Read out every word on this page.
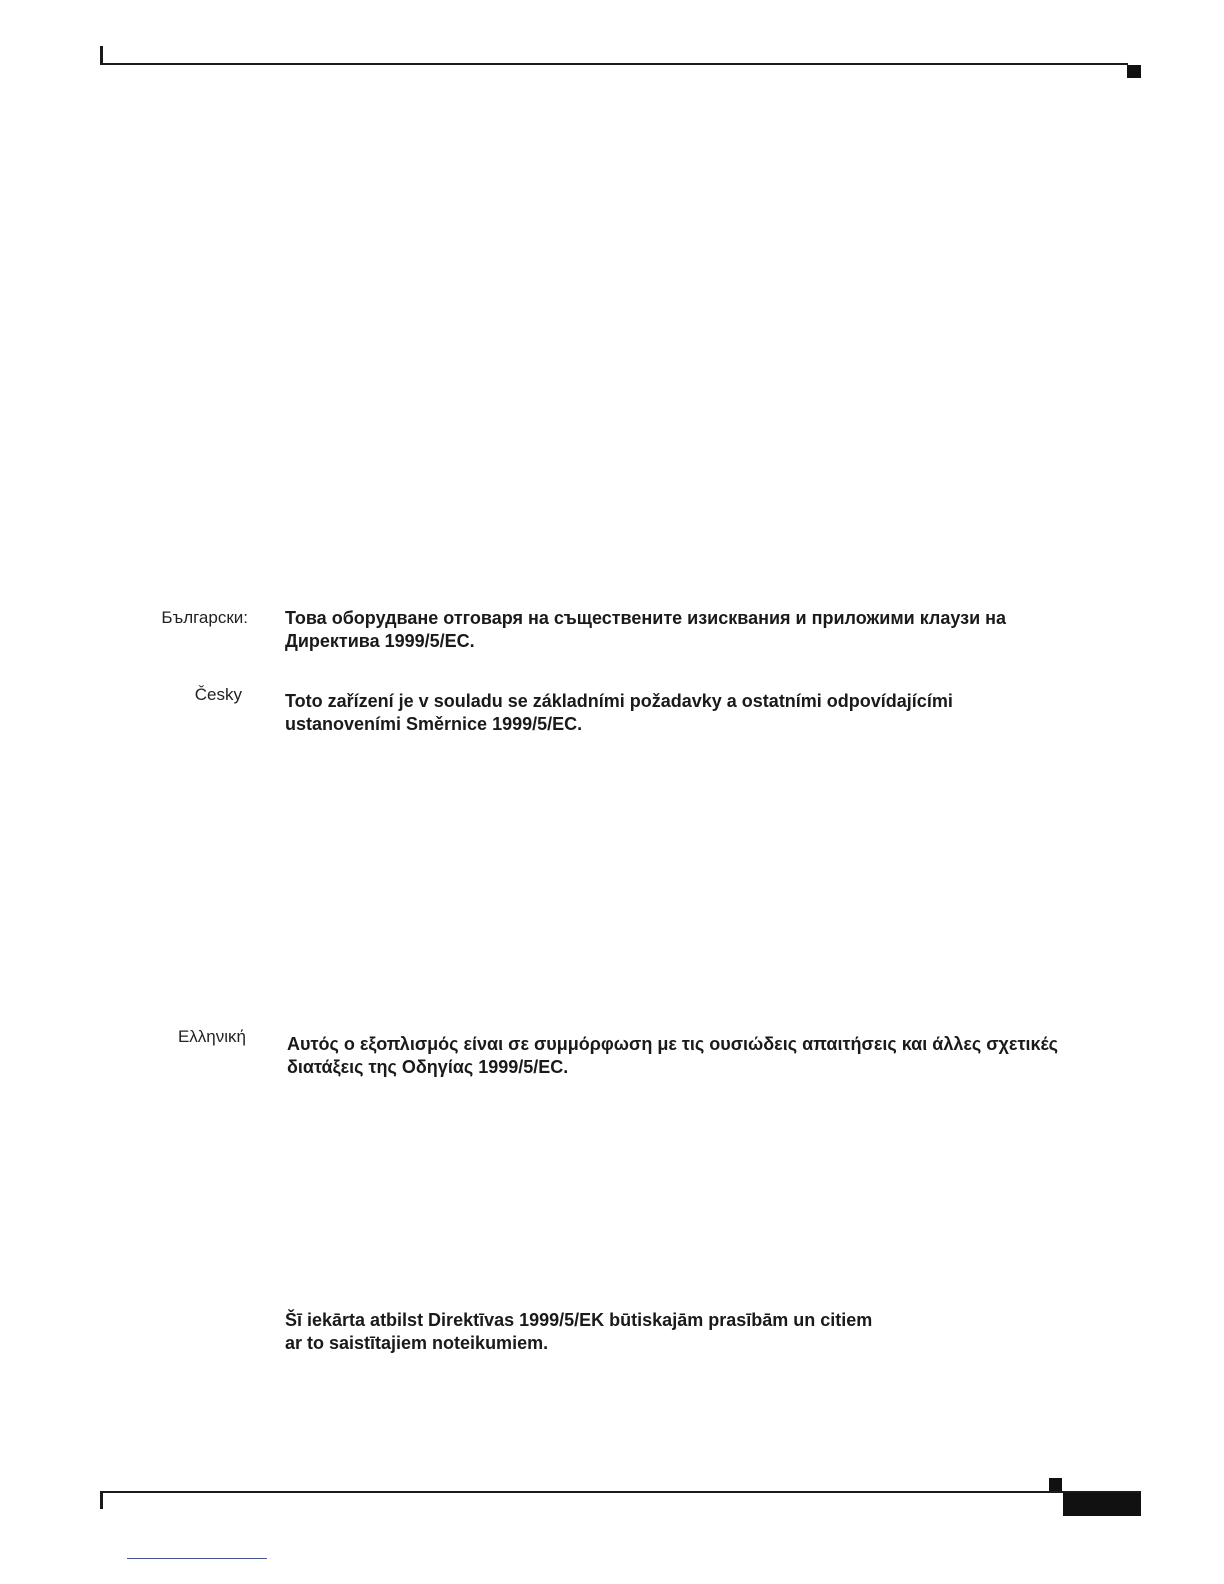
Български: Това оборудване отговаря на съществените изисквания и приложими клаузи на
Директива 1999/5/EC.
Česky Toto zařízení je v souladu se základními požadavky a ostatními odpovídajícími
ustanoveními Směrnice 1999/5/EC.
Ελληνική Αυτός ο εξοπλισμός είναι σε συμμόρφωση με τις ουσιώδεις απαιτήσεις και άλλες σχετικές
διατάξεις της Οδηγίας 1999/5/EC.
Šī iekārta atbilst Direktīvas 1999/5/EK būtiskajām prasībām un citiem
ar to saistītajiem noteikumiem.
